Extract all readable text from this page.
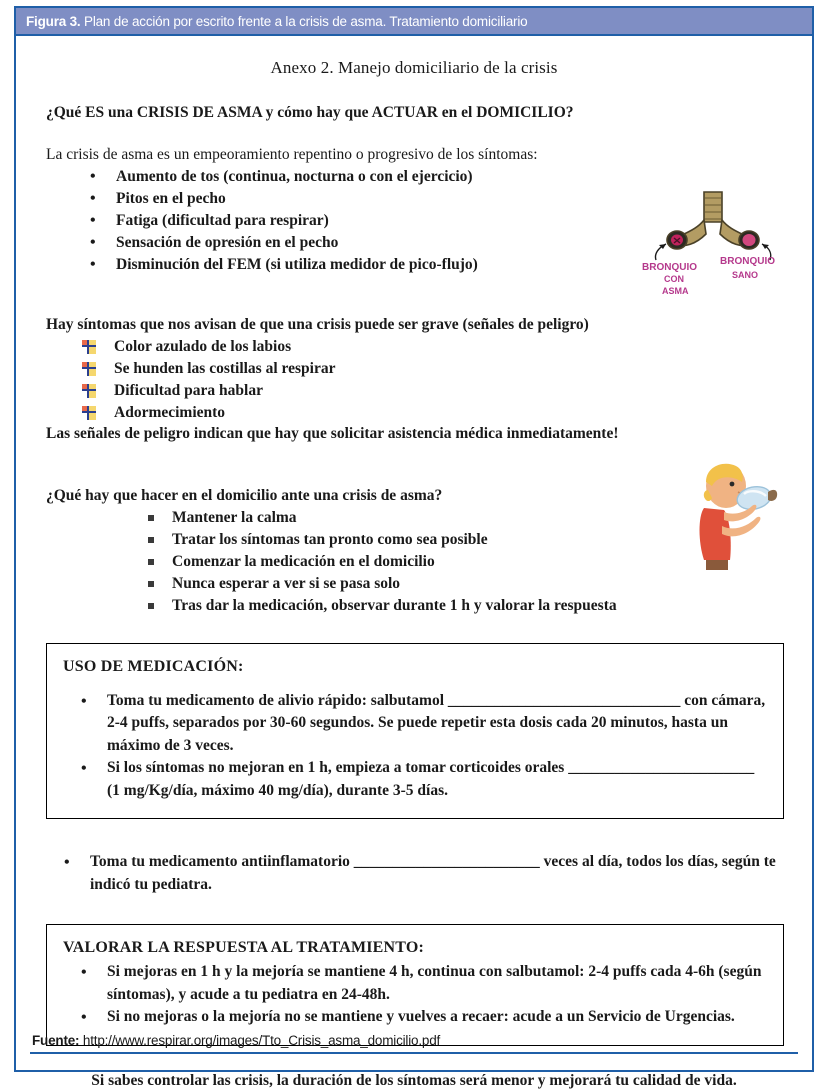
Figura 3. Plan de acción por escrito frente a la crisis de asma. Tratamiento domiciliario
Anexo 2. Manejo domiciliario de la crisis
¿Qué ES una CRISIS DE ASMA y cómo hay que ACTUAR en el DOMICILIO?
La crisis de asma es un empeoramiento repentino o progresivo de los síntomas:
• Aumento de tos (continua, nocturna o con el ejercicio)
• Pitos en el pecho
• Fatiga (dificultad para respirar)
• Sensación de opresión en el pecho
• Disminución del FEM (si utiliza medidor de pico-flujo)	BRONQUIO
CON
ASMA
BRONQUIO
SANO
Hay síntomas que nos avisan de que una crisis puede ser grave (señales de peligro)
Color azulado de los labios
Se hunden las costillas al respirar
Dificultad para hablar
Adormecimiento
Las señales de peligro indican que hay que solicitar asistencia médica inmediatamente!
¿Qué hay que hacer en el domicilio ante una crisis de asma?
Mantener la calma
Tratar los síntomas tan pronto como sea posible
Comenzar la medicación en el domicilio
Nunca esperar a ver si se pasa solo
Tras dar la medicación, observar durante 1 h y valorar la respuesta
USO DE MEDICACIÓN:
• Toma tu medicamento de alivio rápido: salbutamol ______________________________ con cámara, 2-4 puffs, separados por 30-60 segundos. Se puede repetir esta dosis cada 20 minutos, hasta un máximo de 3 veces.
• Si los síntomas no mejoran en 1 h, empieza a tomar corticoides orales ________________________ (1 mg/Kg/día, máximo 40 mg/día), durante 3-5 días.
• Toma tu medicamento antiinflamatorio ________________________ veces al día, todos los días, según te indicó tu pediatra.
VALORAR LA RESPUESTA AL TRATAMIENTO:
• Si mejoras en 1 h y la mejoría se mantiene 4 h, continua con salbutamol: 2-4 puffs cada 4-6h (según síntomas), y acude a tu pediatra en 24-48h.
• Si no mejoras o la mejoría no se mantiene y vuelves a recaer: acude a un Servicio de Urgencias.
Si sabes controlar las crisis, la duración de los síntomas será menor y mejorará tu calidad de vida.
Fuente: http://www.respirar.org/images/Tto_Crisis_asma_domicilio.pdf
